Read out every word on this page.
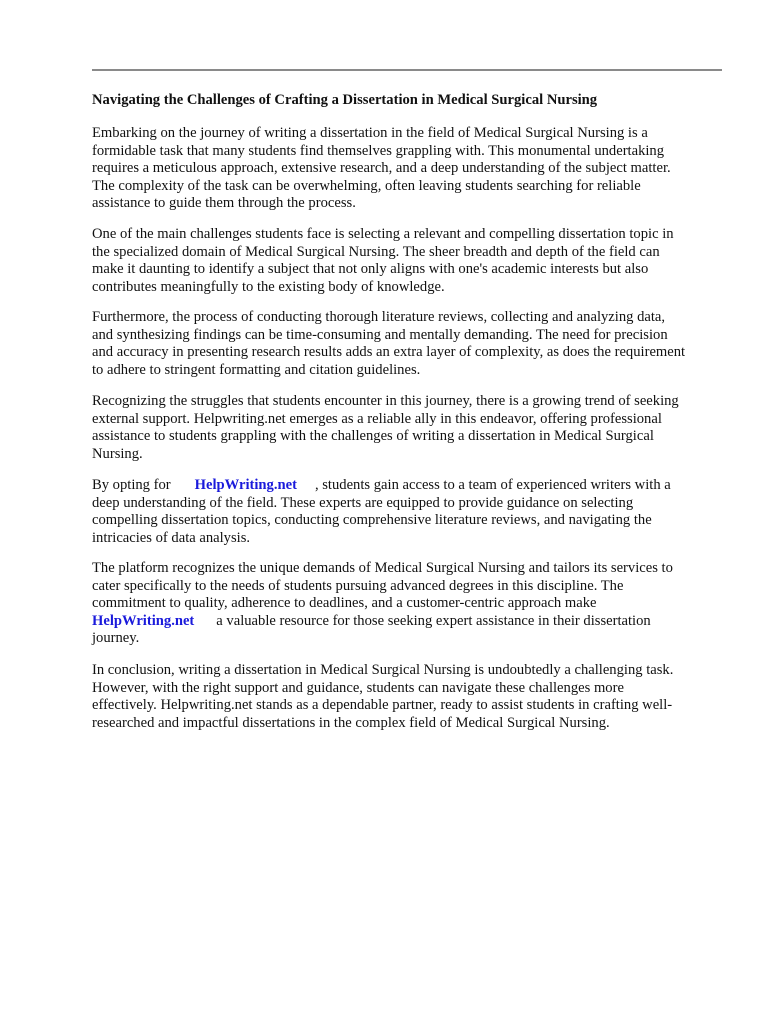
Navigating the Challenges of Crafting a Dissertation in Medical Surgical Nursing

Embarking on the journey of writing a dissertation in the field of Medical Surgical Nursing is a
formidable task that many students find themselves grappling with. This monumental undertaking
requires a meticulous approach, extensive research, and a deep understanding of the subject matter.
The complexity of the task can be overwhelming, often leaving students searching for reliable
assistance to guide them through the process.

One of the main challenges students face is selecting a relevant and compelling dissertation topic in
the specialized domain of Medical Surgical Nursing. The sheer breadth and depth of the field can
make it daunting to identify a subject that not only aligns with one's academic interests but also
contributes meaningfully to the existing body of knowledge.

Furthermore, the process of conducting thorough literature reviews, collecting and analyzing data,
and synthesizing findings can be time-consuming and mentally demanding. The need for precision
and accuracy in presenting research results adds an extra layer of complexity, as does the requirement
to adhere to stringent formatting and citation guidelines.

Recognizing the struggles that students encounter in this journey, there is a growing trend of seeking
external support. Helpwriting.net emerges as a reliable ally in this endeavor, offering professional
assistance to students grappling with the challenges of writing a dissertation in Medical Surgical
Nursing.

By opting for HelpWriting.net , students gain access to a team of experienced writers with a
deep understanding of the field. These experts are equipped to provide guidance on selecting
compelling dissertation topics, conducting comprehensive literature reviews, and navigating the
intricacies of data analysis.

The platform recognizes the unique demands of Medical Surgical Nursing and tailors its services to
cater specifically to the needs of students pursuing advanced degrees in this discipline. The
commitment to quality, adherence to deadlines, and a customer-centric approach make
HelpWriting.net a valuable resource for those seeking expert assistance in their dissertation
journey.

In conclusion, writing a dissertation in Medical Surgical Nursing is undoubtedly a challenging task.
However, with the right support and guidance, students can navigate these challenges more
effectively. Helpwriting.net stands as a dependable partner, ready to assist students in crafting well-
researched and impactful dissertations in the complex field of Medical Surgical Nursing.
